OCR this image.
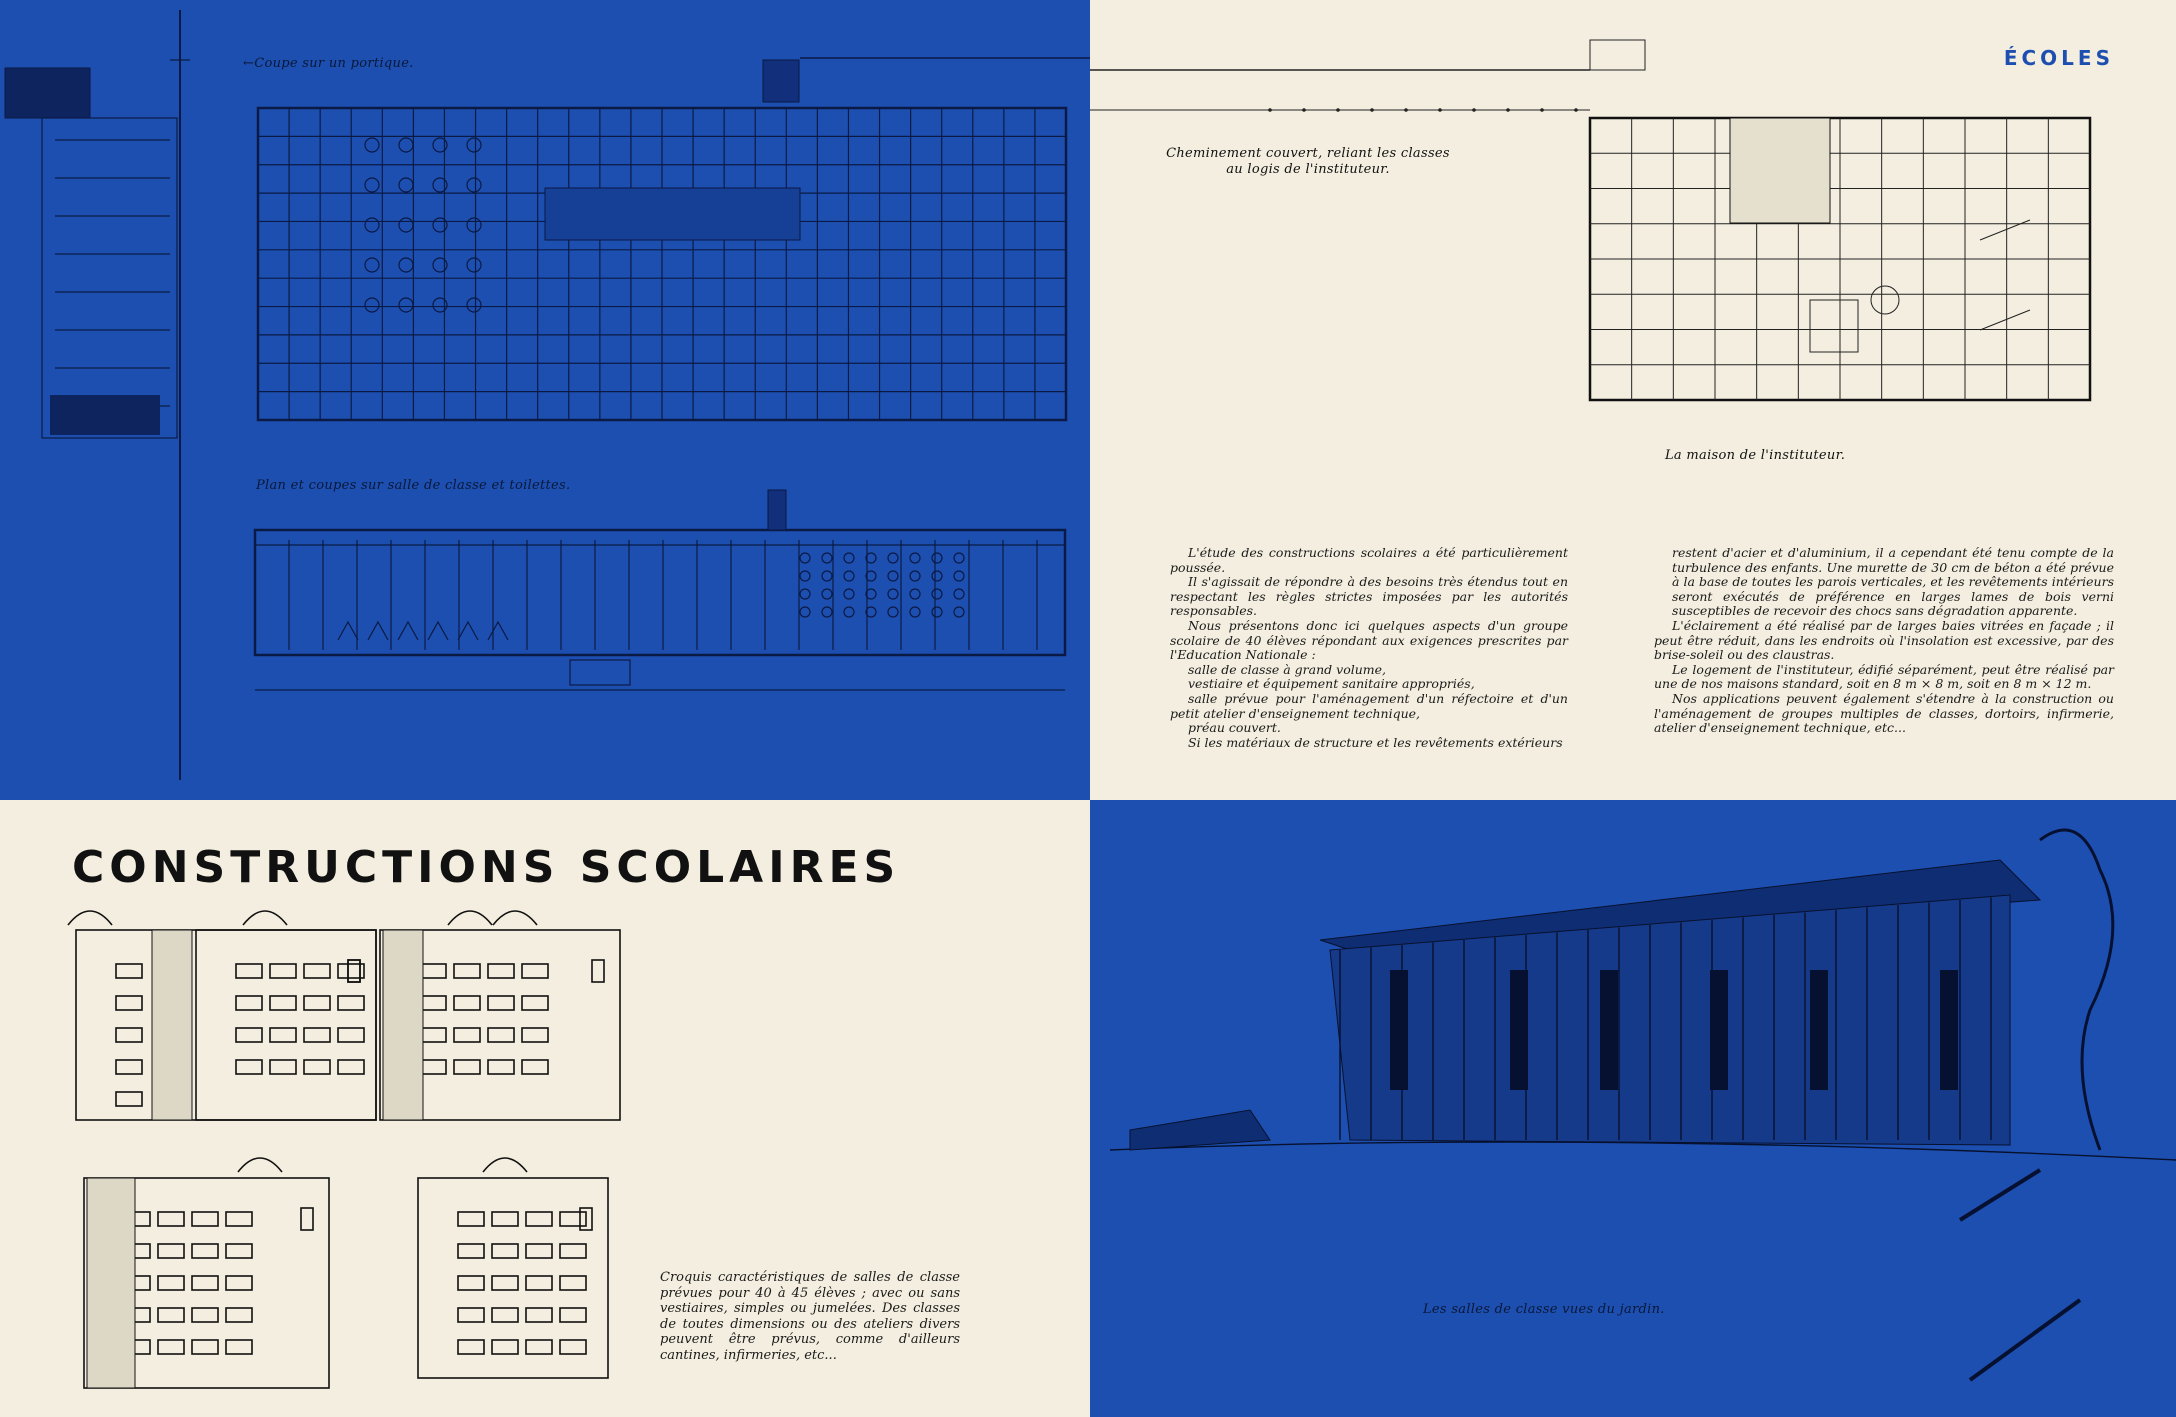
←Coupe sur un portique.
Plan et coupes sur salle de classe et toilettes.
ÉCOLES
Cheminement couvert, reliant les classes au logis de l'instituteur.
La maison de l'instituteur.

L'étude des constructions scolaires a été particulièrement poussée.

Il s'agissait de répondre à des besoins très étendus tout en respectant les règles strictes imposées par les autorités responsables.

Nous présentons donc ici quelques aspects d'un groupe scolaire de 40 élèves répondant aux exigences prescrites par l'Education Nationale :

salle de classe à grand volume,

vestiaire et équipement sanitaire appropriés,

salle prévue pour l'aménagement d'un réfectoire et d'un petit atelier d'enseignement technique,

préau couvert.

Si les matériaux de structure et les revêtements extérieurs

restent d'acier et d'aluminium, il a cependant été tenu compte de la turbulence des enfants. Une murette de 30 cm de béton a été prévue à la base de toutes les parois verticales, et les revêtements intérieurs seront exécutés de préférence en larges lames de bois verni susceptibles de recevoir des chocs sans dégradation apparente.

L'éclairement a été réalisé par de larges baies vitrées en façade ; il peut être réduit, dans les endroits où l'insolation est excessive, par des brise-soleil ou des claustras.

Le logement de l'instituteur, édifié séparément, peut être réalisé par une de nos maisons standard, soit en 8 m × 8 m, soit en 8 m × 12 m.

Nos applications peuvent également s'étendre à la construction ou l'aménagement de groupes multiples de classes, dortoirs, infirmerie, atelier d'enseignement technique, etc...

CONSTRUCTIONS SCOLAIRES
Croquis caractéristiques de salles de classe prévues pour 40 à 45 élèves ; avec ou sans vestiaires, simples ou jumelées. Des classes de toutes dimensions ou des ateliers divers peuvent être prévus, comme d'ailleurs cantines, infirmeries, etc...
Les salles de classe vues du jardin.
